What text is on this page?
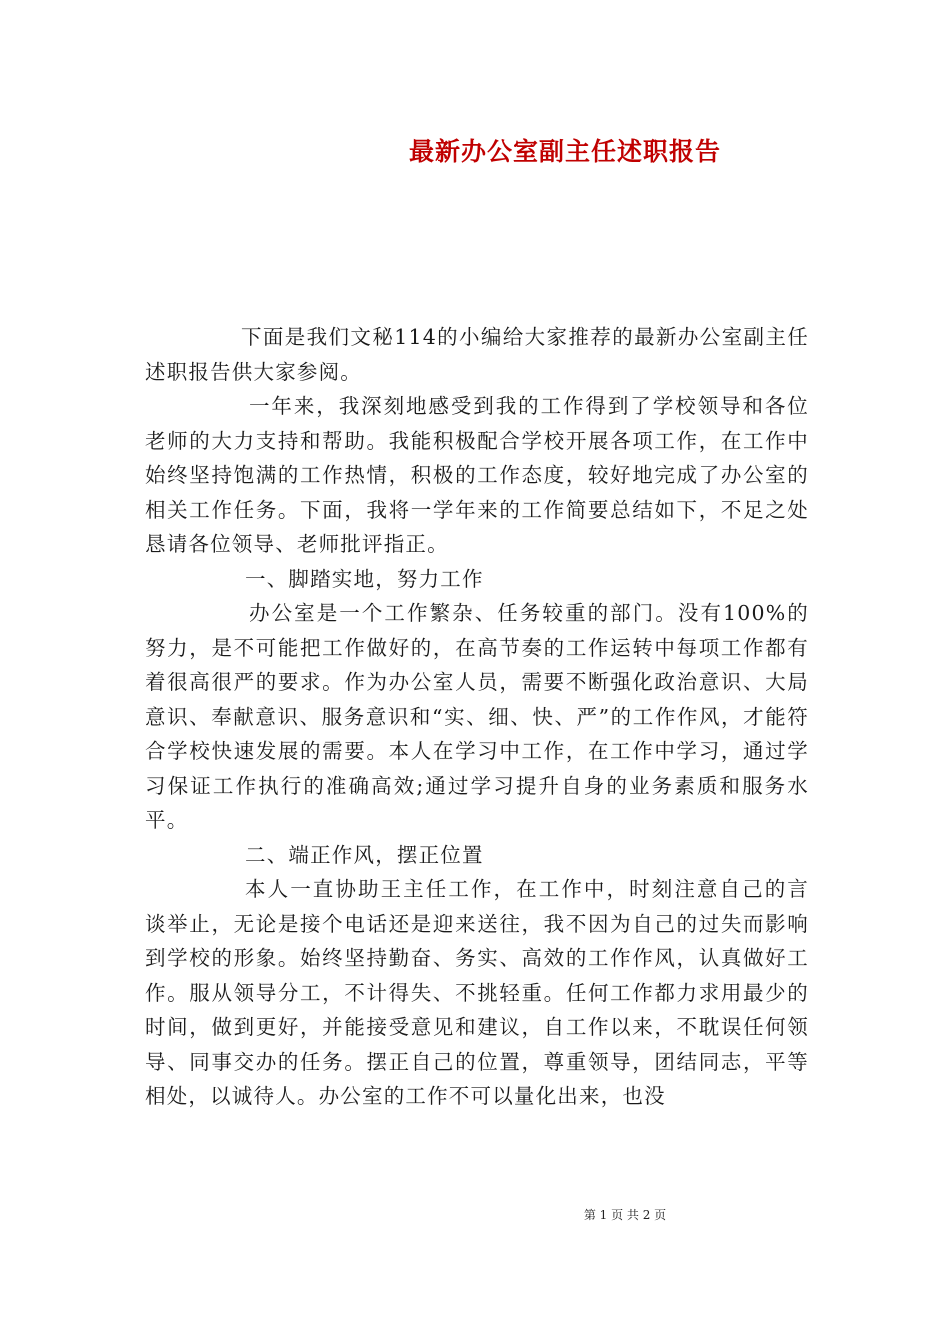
最新办公室副主任述职报告

下面是我们文秘114的小编给大家推荐的最新办公室副主任述职报告供大家参阅。

一年来，我深刻地感受到我的工作得到了学校领导和各位老师的大力支持和帮助。我能积极配合学校开展各项工作，在工作中始终坚持饱满的工作热情，积极的工作态度，较好地完成了办公室的相关工作任务。下面，我将一学年来的工作简要总结如下，不足之处恳请各位领导、老师批评指正。

一、脚踏实地，努力工作

办公室是一个工作繁杂、任务较重的部门。没有100%的努力，是不可能把工作做好的，在高节奏的工作运转中每项工作都有着很高很严的要求。作为办公室人员，需要不断强化政治意识、大局意识、奉献意识、服务意识和“实、细、快、严”的工作作风，才能符合学校快速发展的需要。本人在学习中工作，在工作中学习，通过学习保证工作执行的准确高效;通过学习提升自身的业务素质和服务水平。

二、端正作风，摆正位置

本人一直协助王主任工作，在工作中，时刻注意自己的言谈举止，无论是接个电话还是迎来送往，我不因为自己的过失而影响到学校的形象。始终坚持勤奋、务实、高效的工作作风，认真做好工作。服从领导分工，不计得失、不挑轻重。任何工作都力求用最少的时间，做到更好，并能接受意见和建议，自工作以来，不耽误任何领导、同事交办的任务。摆正自己的位置，尊重领导，团结同志，平等相处，以诚待人。办公室的工作不可以量化出来，也没

第 1 页 共 2 页
